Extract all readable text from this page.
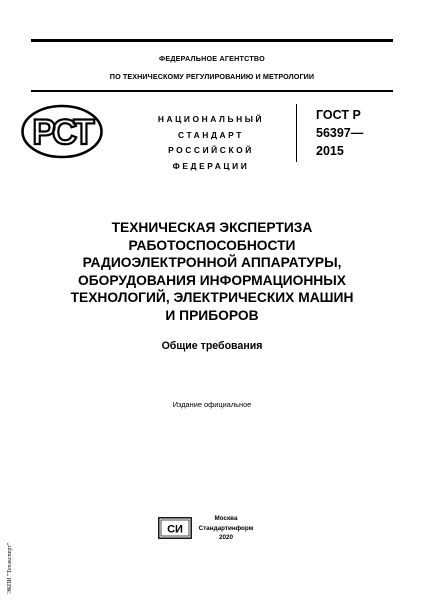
ФЕДЕРАЛЬНОЕ АГЕНТСТВО
ПО ТЕХНИЧЕСКОМУ РЕГУЛИРОВАНИЮ И МЕТРОЛОГИИ
РСТ	НАЦИОНАЛЬНЫЙ
СТАНДАРТ
РОССИЙСКОЙ
ФЕДЕРАЦИИ
ГОСТ Р
56397—
2015
ТЕХНИЧЕСКАЯ ЭКСПЕРТИЗА
РАБОТОСПОСОБНОСТИ
РАДИОЭЛЕКТРОННОЙ АППАРАТУРЫ,
ОБОРУДОВАНИЯ ИНФОРМАЦИОННЫХ
ТЕХНОЛОГИЙ, ЭЛЕКТРИЧЕСКИХ МАШИН
И ПРИБОРОВ
Общие требования
Издание официальное
СИ
Москва
Стандартинформ
2020
ЭКПИ "Техэксперт"
